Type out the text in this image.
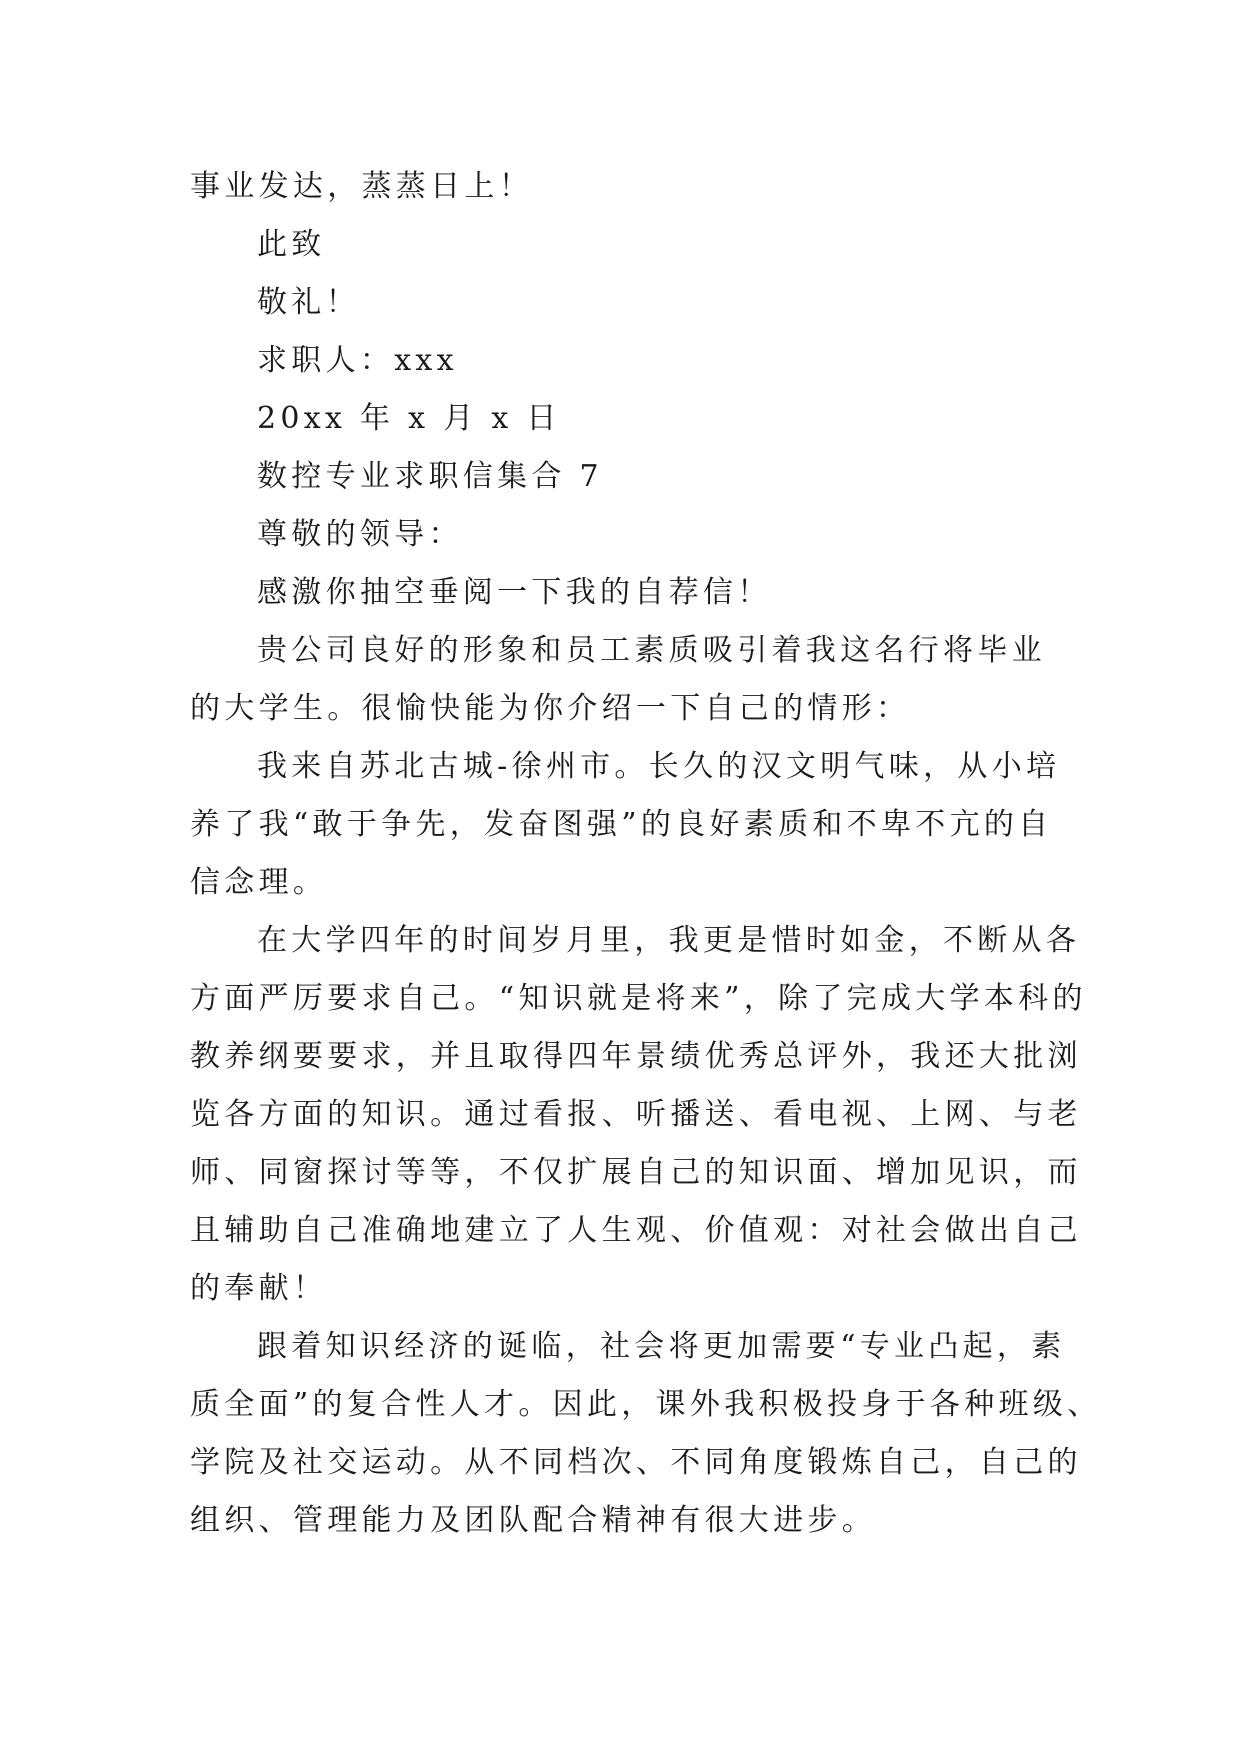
事业发达，蒸蒸日上！
此致
敬礼！
求职人：xxx
20xx 年 x 月 x 日
数控专业求职信集合 7
尊敬的领导：
感激你抽空垂阅一下我的自荐信！
贵公司良好的形象和员工素质吸引着我这名行将毕业
的大学生。很愉快能为你介绍一下自己的情形：
我来自苏北古城-徐州市。长久的汉文明气味，从小培
养了我“敢于争先，发奋图强”的良好素质和不卑不亢的自
信念理。
在大学四年的时间岁月里，我更是惜时如金，不断从各
方面严厉要求自己。“知识就是将来”，除了完成大学本科的
教养纲要要求，并且取得四年景绩优秀总评外，我还大批浏
览各方面的知识。通过看报、听播送、看电视、上网、与老
师、同窗探讨等等，不仅扩展自己的知识面、增加见识，而
且辅助自己准确地建立了人生观、价值观：对社会做出自己
的奉献！
跟着知识经济的诞临，社会将更加需要“专业凸起，素
质全面”的复合性人才。因此，课外我积极投身于各种班级、
学院及社交运动。从不同档次、不同角度锻炼自己，自己的
组织、管理能力及团队配合精神有很大进步。
